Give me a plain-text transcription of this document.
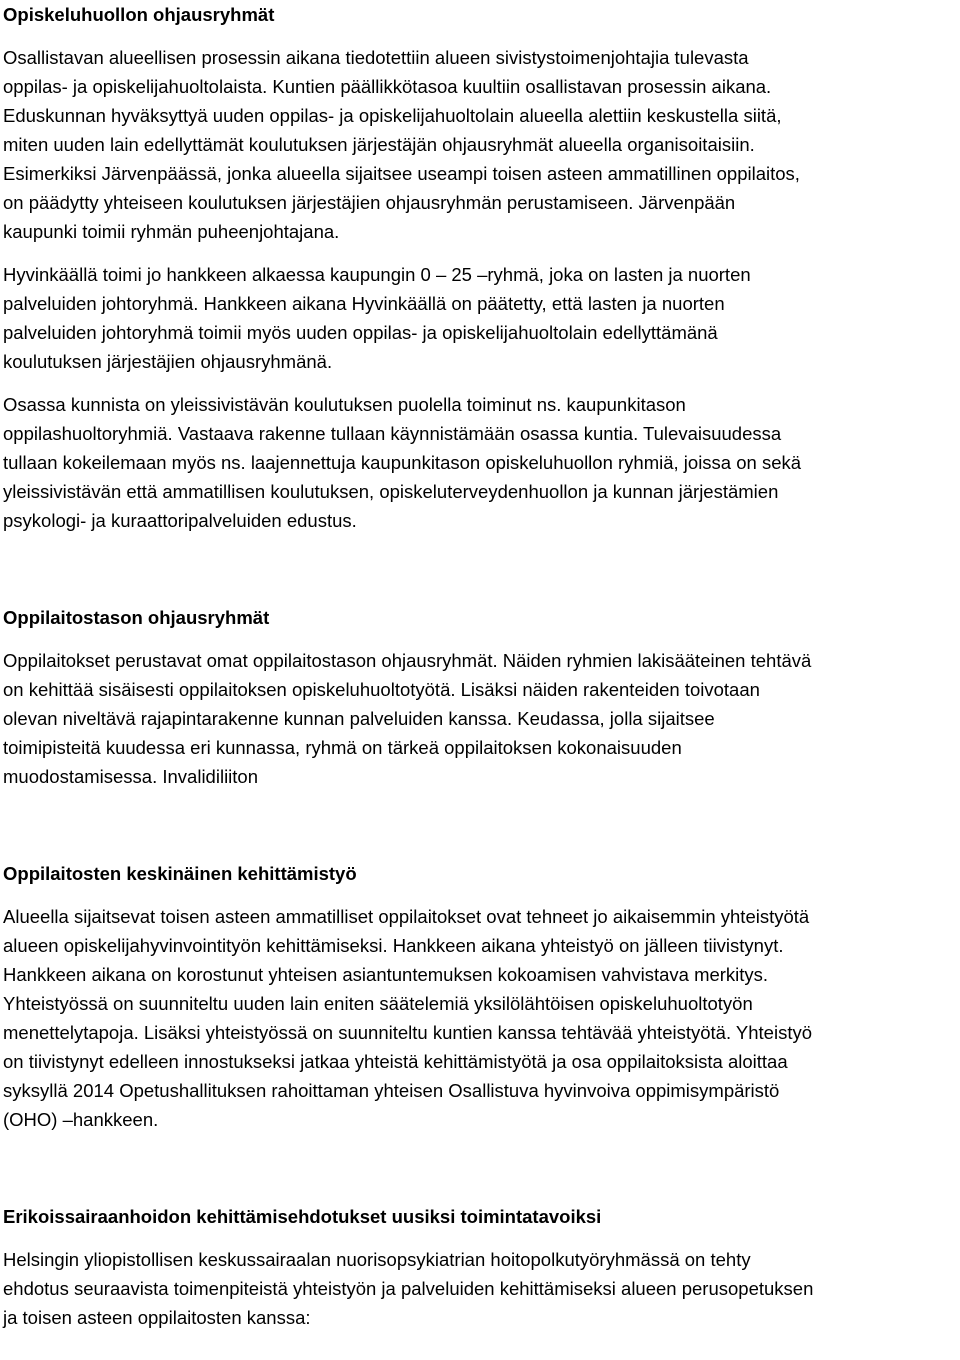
Opiskeluhuollon ohjausryhmät
Osallistavan alueellisen prosessin aikana tiedotettiin alueen sivistystoimenjohtajia tulevasta
oppilas- ja opiskelijahuoltolaista. Kuntien päällikkötasoa kuultiin osallistavan prosessin aikana.
Eduskunnan hyväksyttyä uuden oppilas- ja opiskelijahuoltolain alueella alettiin keskustella siitä,
miten uuden lain edellyttämät koulutuksen järjestäjän ohjausryhmät alueella organisoitaisiin.
Esimerkiksi Järvenpäässä, jonka alueella sijaitsee useampi toisen asteen ammatillinen oppilaitos,
on päädytty yhteiseen koulutuksen järjestäjien ohjausryhmän perustamiseen. Järvenpään
kaupunki toimii ryhmän puheenjohtajana.
Hyvinkäällä toimi jo hankkeen alkaessa kaupungin 0 – 25 –ryhmä, joka on lasten ja nuorten
palveluiden johtoryhmä. Hankkeen aikana Hyvinkäällä on päätetty, että lasten ja nuorten
palveluiden johtoryhmä toimii myös uuden oppilas- ja opiskelijahuoltolain edellyttämänä
koulutuksen järjestäjien ohjausryhmänä.
Osassa kunnista on yleissivistävän koulutuksen puolella toiminut ns. kaupunkitason
oppilashuoltoryhmiä. Vastaava rakenne tullaan käynnistämään osassa kuntia. Tulevaisuudessa
tullaan kokeilemaan myös ns. laajennettuja kaupunkitason opiskeluhuollon ryhmiä, joissa on sekä
yleissivistävän että ammatillisen koulutuksen, opiskeluterveydenhuollon ja kunnan järjestämien
psykologi- ja kuraattoripalveluiden edustus.
Oppilaitostason ohjausryhmät
Oppilaitokset perustavat omat oppilaitostason ohjausryhmät. Näiden ryhmien lakisääteinen tehtävä
on kehittää sisäisesti oppilaitoksen opiskeluhuoltotyötä. Lisäksi näiden rakenteiden toivotaan
olevan niveltävä rajapintarakenne kunnan palveluiden kanssa. Keudassa, jolla sijaitsee
toimipisteitä kuudessa eri kunnassa, ryhmä on tärkeä oppilaitoksen kokonaisuuden
muodostamisessa. Invalidiliiton
Oppilaitosten keskinäinen kehittämistyö
Alueella sijaitsevat toisen asteen ammatilliset oppilaitokset ovat tehneet jo aikaisemmin yhteistyötä
alueen opiskelijahyvinvointityön kehittämiseksi. Hankkeen aikana yhteistyö on jälleen tiivistynyt.
Hankkeen aikana on korostunut yhteisen asiantuntemuksen kokoamisen vahvistava merkitys.
Yhteistyössä on suunniteltu uuden lain eniten säätelemiä yksilölähtöisen opiskeluhuoltotyön
menettelytapoja. Lisäksi yhteistyössä on suunniteltu kuntien kanssa tehtävää yhteistyötä. Yhteistyö
on tiivistynyt edelleen innostukseksi jatkaa yhteistä kehittämistyötä ja osa oppilaitoksista aloittaa
syksyllä 2014 Opetushallituksen rahoittaman yhteisen Osallistuva hyvinvoiva oppimisympäristö
(OHO) –hankkeen.
Erikoissairaanhoidon kehittämisehdotukset uusiksi toimintatavoiksi
Helsingin yliopistollisen keskussairaalan nuorisopsykiatrian hoitopolkutyöryhmässä on tehty
ehdotus seuraavista toimenpiteistä yhteistyön ja palveluiden kehittämiseksi alueen perusopetuksen
ja toisen asteen oppilaitosten kanssa:
